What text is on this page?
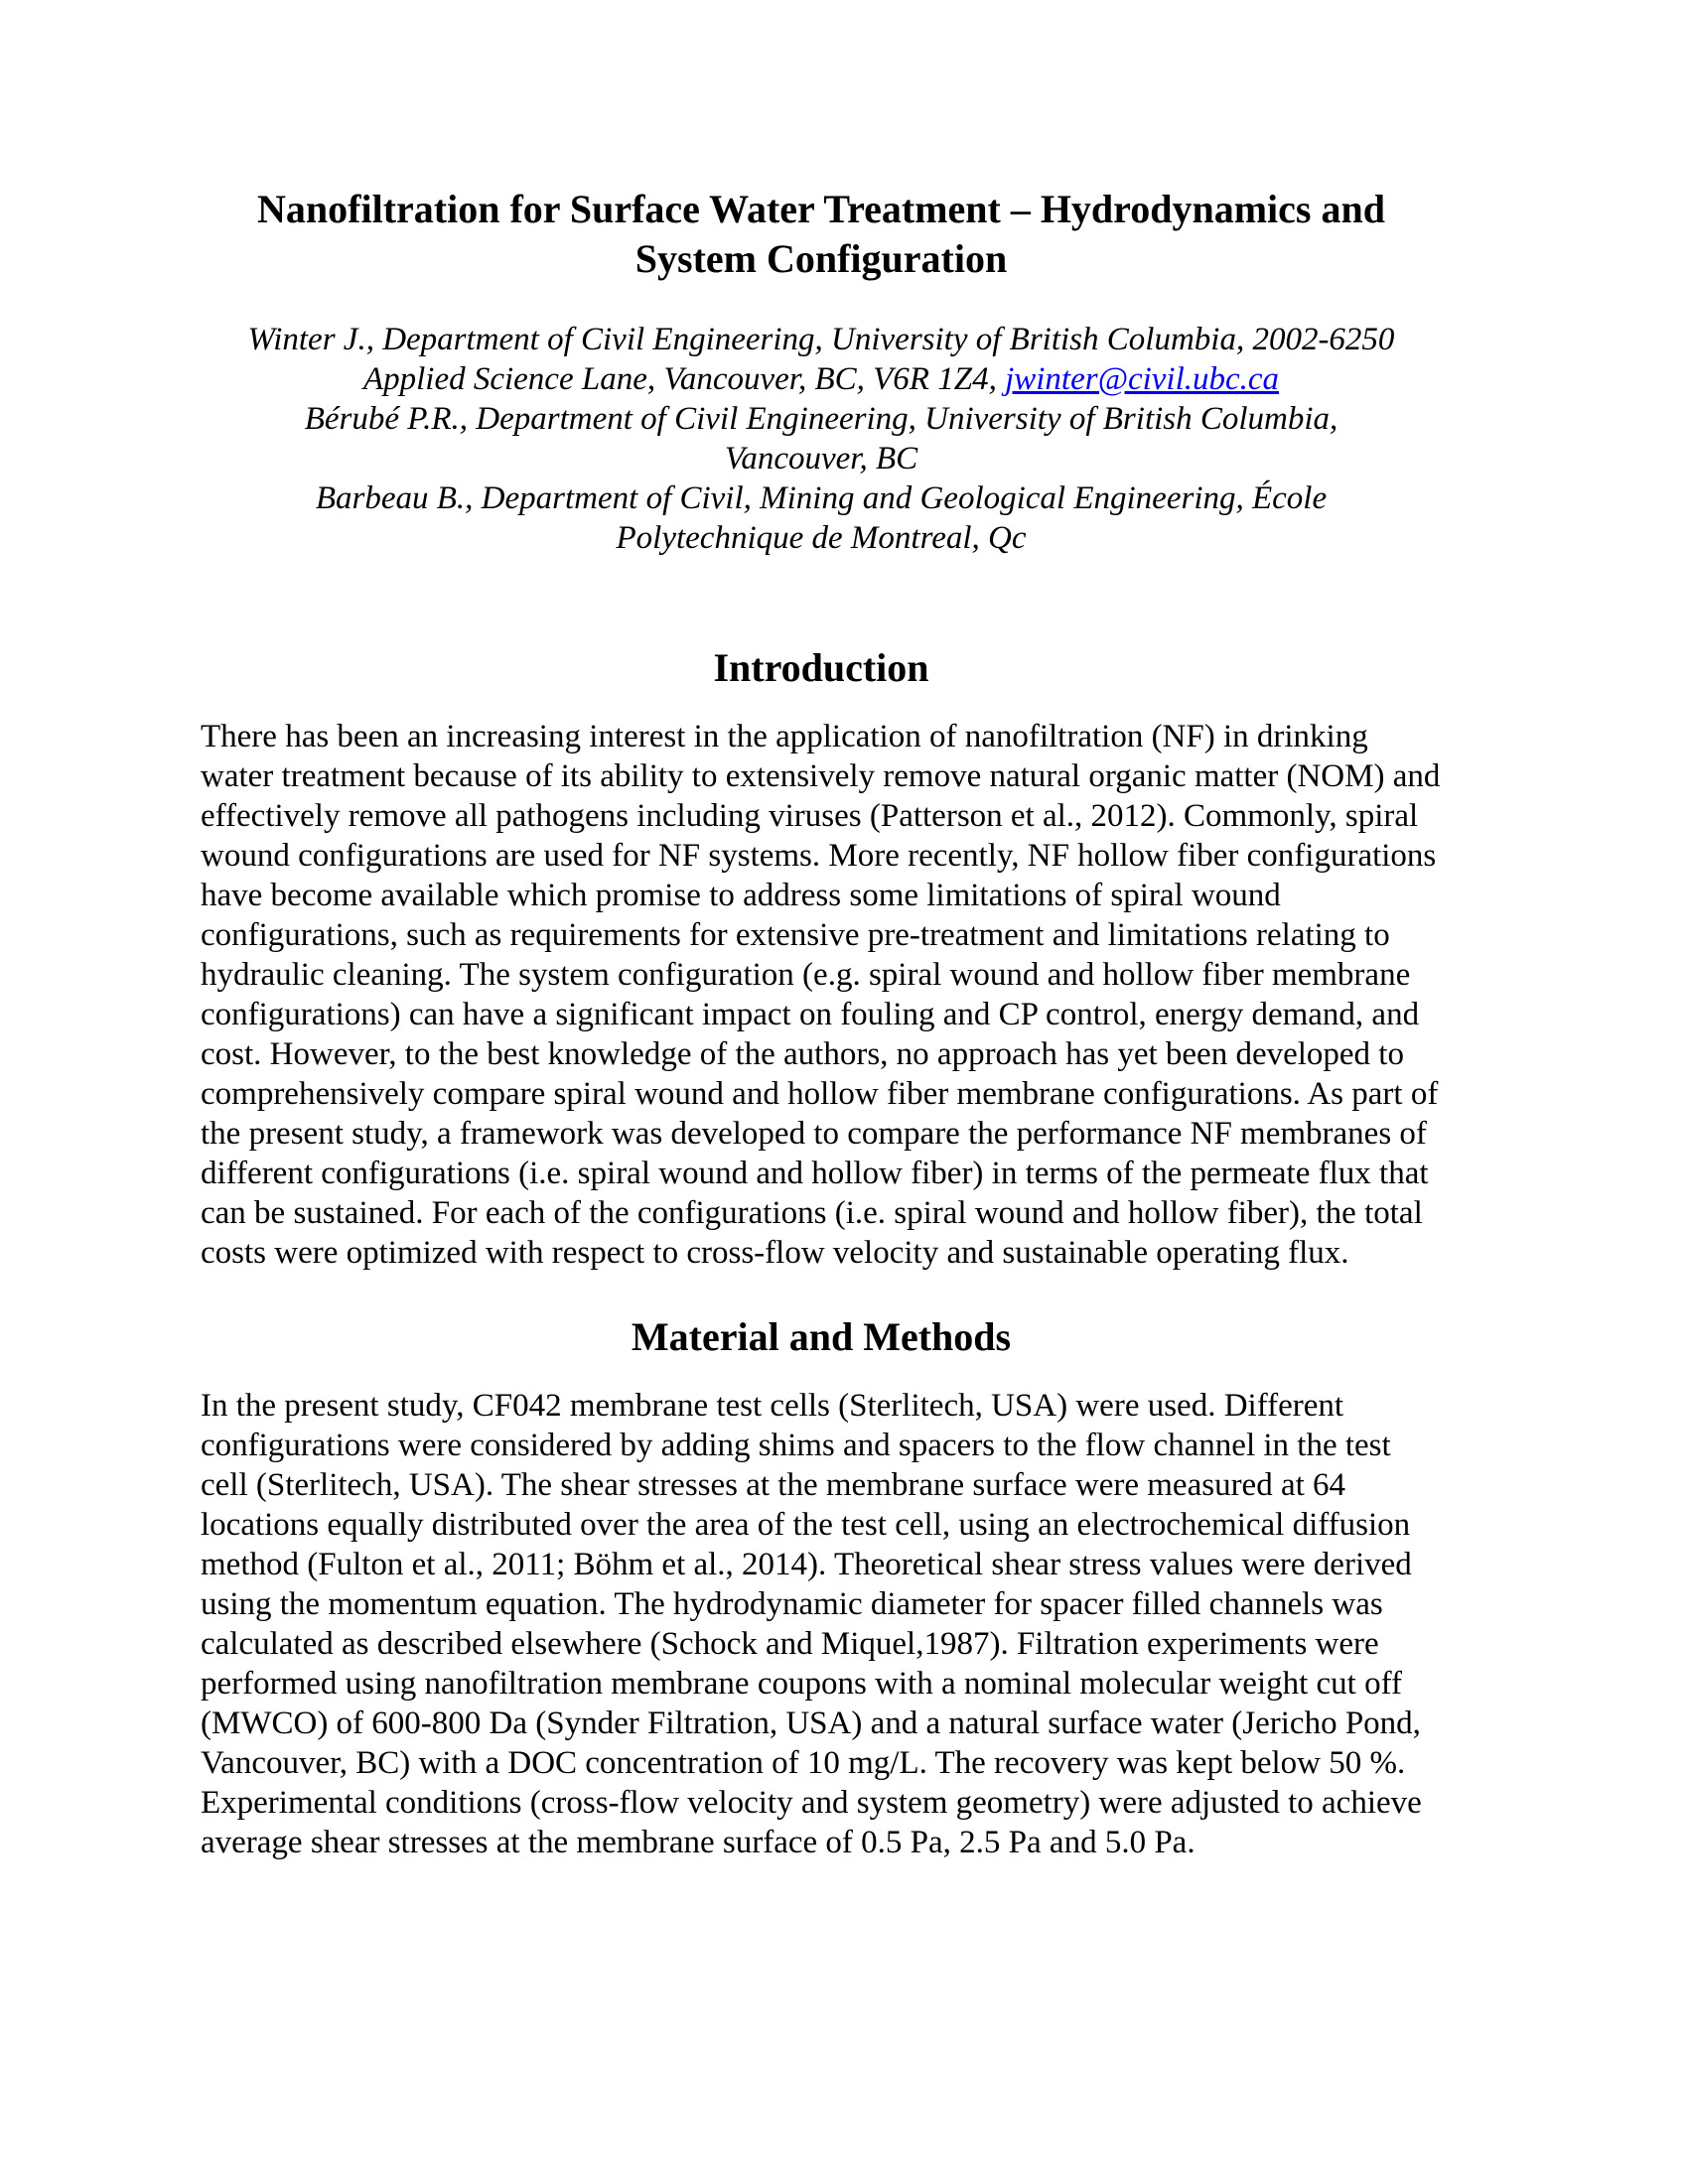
Nanofiltration for Surface Water Treatment – Hydrodynamics and System Configuration
Winter J., Department of Civil Engineering, University of British Columbia, 2002-6250
Applied Science Lane, Vancouver, BC, V6R 1Z4, jwinter@civil.ubc.ca
Bérubé P.R., Department of Civil Engineering, University of British Columbia,
Vancouver, BC
Barbeau B., Department of Civil, Mining and Geological Engineering, École
Polytechnique de Montreal, Qc
Introduction
There has been an increasing interest in the application of nanofiltration (NF) in drinking water treatment because of its ability to extensively remove natural organic matter (NOM) and effectively remove all pathogens including viruses (Patterson et al., 2012). Commonly, spiral wound configurations are used for NF systems. More recently, NF hollow fiber configurations have become available which promise to address some limitations of spiral wound configurations, such as requirements for extensive pre-treatment and limitations relating to hydraulic cleaning. The system configuration (e.g. spiral wound and hollow fiber membrane configurations) can have a significant impact on fouling and CP control, energy demand, and cost. However, to the best knowledge of the authors, no approach has yet been developed to comprehensively compare spiral wound and hollow fiber membrane configurations. As part of the present study, a framework was developed to compare the performance NF membranes of different configurations (i.e. spiral wound and hollow fiber) in terms of the permeate flux that can be sustained. For each of the configurations (i.e. spiral wound and hollow fiber), the total costs were optimized with respect to cross-flow velocity and sustainable operating flux.
Material and Methods
In the present study, CF042 membrane test cells (Sterlitech, USA) were used. Different configurations were considered by adding shims and spacers to the flow channel in the test cell (Sterlitech, USA). The shear stresses at the membrane surface were measured at 64 locations equally distributed over the area of the test cell, using an electrochemical diffusion method (Fulton et al., 2011; Böhm et al., 2014). Theoretical shear stress values were derived using the momentum equation. The hydrodynamic diameter for spacer filled channels was calculated as described elsewhere (Schock and Miquel,1987). Filtration experiments were performed using nanofiltration membrane coupons with a nominal molecular weight cut off (MWCO) of 600-800 Da (Synder Filtration, USA) and a natural surface water (Jericho Pond, Vancouver, BC) with a DOC concentration of 10 mg/L. The recovery was kept below 50 %. Experimental conditions (cross-flow velocity and system geometry) were adjusted to achieve average shear stresses at the membrane surface of 0.5 Pa, 2.5 Pa and 5.0 Pa.
